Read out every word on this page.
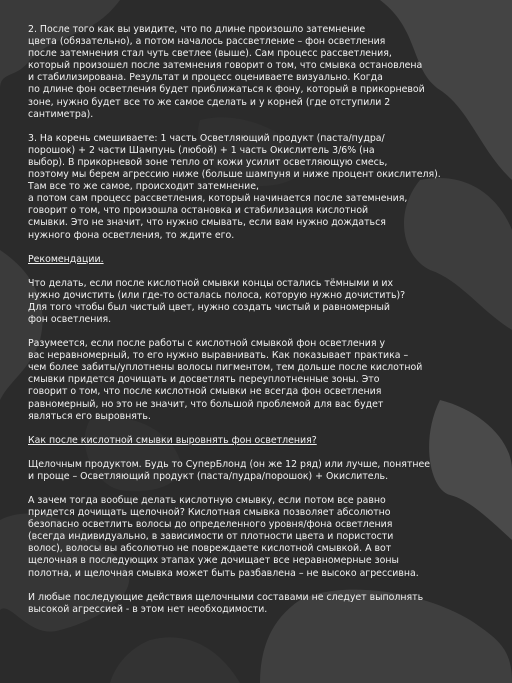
2. После того как вы увидите, что по длине произошло затемнение
цвета (обязательно), а потом началось рассветление – фон осветления
после затемнения стал чуть светлее (выше). Сам процесс рассветления,
который произошел после затемнения говорит о том, что смывка остановлена
и стабилизирована. Результат и процесс оцениваете визуально. Когда
по длине фон осветления будет приближаться к фону, который в прикорневой
зоне, нужно будет все то же самое сделать и у корней (где отступили 2
сантиметра).

3. На корень смешиваете: 1 часть Осветляющий продукт (паста/пудра/
порошок) + 2 части Шампунь (любой) + 1 часть Окислитель 3/6% (на
выбор). В прикорневой зоне тепло от кожи усилит осветляющую смесь,
поэтому мы берем агрессию ниже (больше шампуня и ниже процент окислителя).
Там все то же самое, происходит затемнение,
а потом сам процесс рассветления, который начинается после затемнения,
говорит о том, что произошла остановка и стабилизация кислотной
смывки. Это не значит, что нужно смывать, если вам нужно дождаться
нужного фона осветления, то ждите его.

Рекомендации.

Что делать, если после кислотной смывки концы остались тёмными и их
нужно дочистить (или где-то осталась полоса, которую нужно дочистить)?
Для того чтобы был чистый цвет, нужно создать чистый и равномерный
фон осветления.

Разумеется, если после работы с кислотной смывкой фон осветления у
вас неравномерный, то его нужно выравнивать. Как показывает практика –
чем более забиты/уплотнены волосы пигментом, тем дольше после кислотной
смывки придется дочищать и досветлять переуплотненные зоны. Это
говорит о том, что после кислотной смывки не всегда фон осветления
равномерный, но это не значит, что большой проблемой для вас будет
являться его выровнять.

Как после кислотной смывки выровнять фон осветления?

Щелочным продуктом. Будь то СуперБлонд (он же 12 ряд) или лучше, понятнее
и проще – Осветляющий продукт (паста/пудра/порошок) + Окислитель.

А зачем тогда вообще делать кислотную смывку, если потом все равно
придется дочищать щелочной? Кислотная смывка позволяет абсолютно
безопасно осветлить волосы до определенного уровня/фона осветления
(всегда индивидуально, в зависимости от плотности цвета и пористости
волос), волосы вы абсолютно не повреждаете кислотной смывкой. А вот
щелочная в последующих этапах уже дочищает все неравномерные зоны
полотна, и щелочная смывка может быть разбавлена – не высоко агрессивна.

И любые последующие действия щелочными составами не следует выполнять
высокой агрессией - в этом нет необходимости.
